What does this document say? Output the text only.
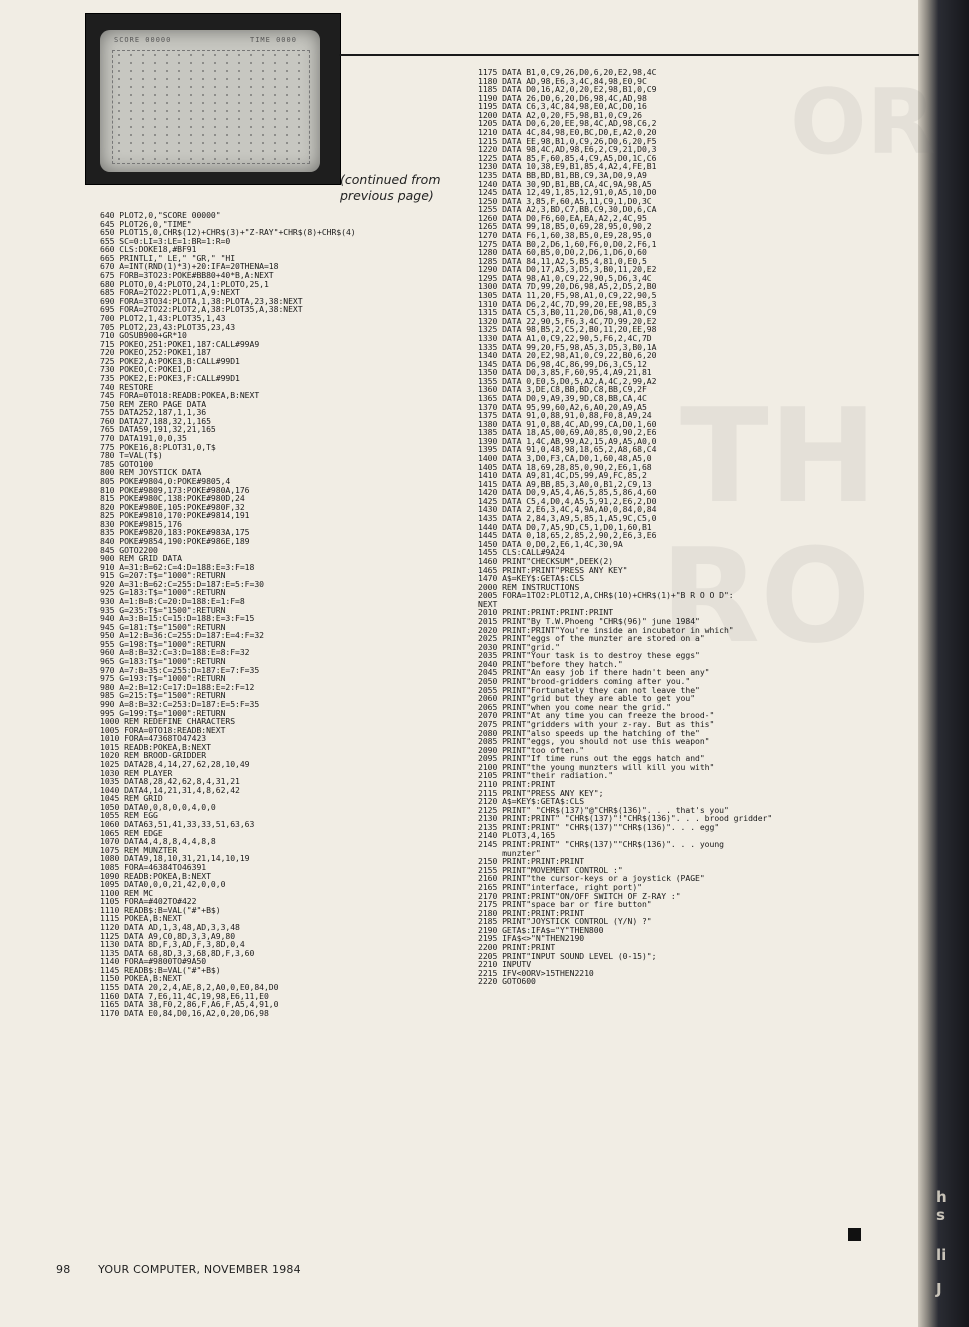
h
s
li
J
OR
TH
RO
SCORE 00000	TIME 0000
(continued from previous page)
640 PLOT2,0,"SCORE 00000"
645 PLOT26,0,"TIME"
650 PLOT15,0,CHR$(12)+CHR$(3)+"Z-RAY"+CHR$(8)+CHR$(4)
655 SC=0:LI=3:LE=1:BR=1:R=0
660 CLS:DOKE18,#BF91
665 PRINTLI," LE," "GR," "HI
670 A=INT(RND(1)*3)+20:IFA=20THENA=18
675 FORB=3TO23:POKE#BB80+40*B,A:NEXT
680 PLOTO,0,4:PLOTO,24,1:PLOTO,25,1
685 FORA=2TO22:PLOT1,A,9:NEXT
690 FORA=3TO34:PLOTA,1,38:PLOTA,23,38:NEXT
695 FORA=2TO22:PLOT2,A,38:PLOT35,A,38:NEXT
700 PLOT2,1,43:PLOT35,1,43
705 PLOT2,23,43:PLOT35,23,43
710 GOSUB900+GR*10
715 POKEO,251:POKE1,187:CALL#99A9
720 POKEO,252:POKE1,187
725 POKE2,A:POKE3,B:CALL#99D1
730 POKEO,C:POKE1,D
735 POKE2,E:POKE3,F:CALL#99D1
740 RESTORE
745 FORA=0TO18:READB:POKEA,B:NEXT
750 REM ZERO PAGE DATA
755 DATA252,187,1,1,36
760 DATA27,188,32,1,165
765 DATA59,191,32,21,165
770 DATA191,0,0,35
775 POKE16,8:PLOT31,0,T$
780 T=VAL(T$)
785 GOTO100
800 REM JOYSTICK DATA
805 POKE#9804,0:POKE#9805,4
810 POKE#9809,173:POKE#980A,176
815 POKE#980C,138:POKE#980D,24
820 POKE#980E,105:POKE#980F,32
825 POKE#9810,170:POKE#9814,191
830 POKE#9815,176
835 POKE#9820,183:POKE#983A,175
840 POKE#9854,190:POKE#986E,189
845 GOTO2200
900 REM GRID DATA
910 A=31:B=62:C=4:D=188:E=3:F=18
915 G=207:T$="1000":RETURN
920 A=31:B=62:C=255:D=187:E=5:F=30
925 G=183:T$="1000":RETURN
930 A=1:B=8:C=20:D=188:E=1:F=8
935 G=235:T$="1500":RETURN
940 A=3:B=15:C=15:D=188:E=3:F=15
945 G=181:T$="1500":RETURN
950 A=12:B=36:C=255:D=187:E=4:F=32
955 G=198:T$="1000":RETURN
960 A=8:B=32:C=3:D=188:E=8:F=32
965 G=183:T$="1000":RETURN
970 A=7:B=35:C=255:D=187:E=7:F=35
975 G=193:T$="1000":RETURN
980 A=2:B=12:C=17:D=188:E=2:F=12
985 G=215:T$="1500":RETURN
990 A=8:B=32:C=253:D=187:E=5:F=35
995 G=199:T$="1000":RETURN
1000 REM REDEFINE CHARACTERS
1005 FORA=0TO18:READB:NEXT
1010 FORA=47368TO47423
1015 READB:POKEA,B:NEXT
1020 REM BROOD-GRIDDER
1025 DATA28,4,14,27,62,28,10,49
1030 REM PLAYER
1035 DATA8,28,42,62,8,4,31,21
1040 DATA4,14,21,31,4,8,62,42
1045 REM GRID
1050 DATA0,0,8,0,0,4,0,0
1055 REM EGG
1060 DATA63,51,41,33,33,51,63,63
1065 REM EDGE
1070 DATA4,4,8,8,4,4,8,8
1075 REM MUNZTER
1080 DATA9,18,10,31,21,14,10,19
1085 FORA=46384TO46391
1090 READB:POKEA,B:NEXT
1095 DATA0,0,0,21,42,0,0,0
1100 REM MC
1105 FORA=#402TO#422
1110 READB$:B=VAL("#"+B$)
1115 POKEA,B:NEXT
1120 DATA AD,1,3,48,AD,3,3,48
1125 DATA A9,C0,8D,3,3,A9,80
1130 DATA 8D,F,3,AD,F,3,8D,0,4
1135 DATA 68,8D,3,3,68,8D,F,3,60
1140 FORA=#9800TO#9A50
1145 READB$:B=VAL("#"+B$)
1150 POKEA,B:NEXT
1155 DATA 20,2,4,AE,8,2,A0,0,E0,84,D0
1160 DATA 7,E6,11,4C,19,98,E6,11,E0
1165 DATA 38,F0,2,86,F,A6,F,A5,4,91,0
1170 DATA E0,84,D0,16,A2,0,20,D6,98
1175 DATA B1,0,C9,26,D0,6,20,E2,98,4C
1180 DATA AD,98,E6,3,4C,84,98,E0,9C
1185 DATA D0,16,A2,0,20,E2,98,B1,0,C9
1190 DATA 26,D0,6,20,D6,98,4C,AD,98
1195 DATA C6,3,4C,84,98,E0,AC,D0,16
1200 DATA A2,0,20,F5,98,B1,0,C9,26
1205 DATA D0,6,20,EE,98,4C,AD,98,C6,2
1210 DATA 4C,84,98,E0,BC,D0,E,A2,0,20
1215 DATA EE,98,B1,0,C9,26,D0,6,20,F5
1220 DATA 98,4C,AD,98,E6,2,C9,21,D0,3
1225 DATA 85,F,60,85,4,C9,A5,D0,1C,C6
1230 DATA 10,38,E9,B1,85,4,A2,4,FE,B1
1235 DATA BB,BD,B1,BB,C9,3A,D0,9,A9
1240 DATA 30,9D,B1,BB,CA,4C,9A,98,A5
1245 DATA 12,49,1,85,12,91,0,A5,10,D0
1250 DATA 3,85,F,60,A5,11,C9,1,D0,3C
1255 DATA A2,3,BD,C7,BB,C9,30,D0,6,CA
1260 DATA D0,F6,60,EA,EA,A2,2,4C,95
1265 DATA 99,18,B5,0,69,28,95,0,90,2
1270 DATA F6,1,60,38,B5,0,E9,28,95,0
1275 DATA B0,2,D6,1,60,F6,0,D0,2,F6,1
1280 DATA 60,B5,0,D0,2,D6,1,D6,0,60
1285 DATA 84,11,A2,5,B5,4,81,0,E0,5
1290 DATA D0,17,A5,3,D5,3,B0,11,20,E2
1295 DATA 98,A1,0,C9,22,90,5,D6,3,4C
1300 DATA 7D,99,20,D6,98,A5,2,D5,2,B0
1305 DATA 11,20,F5,98,A1,0,C9,22,90,5
1310 DATA D6,2,4C,7D,99,20,EE,98,B5,3
1315 DATA C5,3,B0,11,20,D6,98,A1,0,C9
1320 DATA 22,90,5,F6,3,4C,7D,99,20,E2
1325 DATA 98,B5,2,C5,2,B0,11,20,EE,98
1330 DATA A1,0,C9,22,90,5,F6,2,4C,7D
1335 DATA 99,20,F5,98,A5,3,D5,3,B0,1A
1340 DATA 20,E2,98,A1,0,C9,22,B0,6,20
1345 DATA D6,98,4C,86,99,D6,3,C5,12
1350 DATA D0,3,85,F,60,95,4,A9,21,81
1355 DATA 0,E0,5,D0,5,A2,A,4C,2,99,A2
1360 DATA 3,DE,C8,BB,BD,C8,BB,C9,2F
1365 DATA D0,9,A9,39,9D,C8,BB,CA,4C
1370 DATA 95,99,60,A2,6,A0,20,A9,A5
1375 DATA 91,0,88,91,0,88,F0,8,A9,24
1380 DATA 91,0,88,4C,AD,99,CA,D0,1,60
1385 DATA 18,A5,00,69,A0,85,0,90,2,E6
1390 DATA 1,4C,AB,99,A2,15,A9,A5,A0,0
1395 DATA 91,0,48,98,18,65,2,A8,68,C4
1400 DATA 3,D0,F3,CA,D0,1,60,48,A5,0
1405 DATA 18,69,28,85,0,90,2,E6,1,68
1410 DATA A9,81,4C,D5,99,A9,FC,85,2
1415 DATA A9,BB,85,3,A0,0,B1,2,C9,13
1420 DATA D0,9,A5,4,A6,5,85,5,86,4,60
1425 DATA C5,4,D0,4,A5,5,91,2,E6,2,D0
1430 DATA 2,E6,3,4C,4,9A,A0,0,84,0,84
1435 DATA 2,84,3,A9,5,85,1,A5,9C,C5,0
1440 DATA D0,7,A5,9D,C5,1,D0,1,60,B1
1445 DATA 0,18,65,2,85,2,90,2,E6,3,E6
1450 DATA 0,D0,2,E6,1,4C,30,9A
1455 CLS:CALL#9A24
1460 PRINT"CHECKSUM",DEEK(2)
1465 PRINT:PRINT"PRESS ANY KEY"
1470 A$=KEY$:GETA$:CLS
2000 REM INSTRUCTIONS
2005 FORA=1TO2:PLOT12,A,CHR$(10)+CHR$(1)+"B R O O D":
NEXT
2010 PRINT:PRINT:PRINT:PRINT
2015 PRINT"By T.W.Phoeng "CHR$(96)" june 1984"
2020 PRINT:PRINT"You're inside an incubator in which"
2025 PRINT"eggs of the munzter are stored on a"
2030 PRINT"grid."
2035 PRINT"Your task is to destroy these eggs"
2040 PRINT"before they hatch."
2045 PRINT"An easy job if there hadn't been any"
2050 PRINT"brood-gridders coming after you."
2055 PRINT"Fortunately they can not leave the"
2060 PRINT"grid but they are able to get you"
2065 PRINT"when you come near the grid."
2070 PRINT"At any time you can freeze the brood-"
2075 PRINT"gridders with your z-ray. But as this"
2080 PRINT"also speeds up the hatching of the"
2085 PRINT"eggs, you should not use this weapon"
2090 PRINT"too often."
2095 PRINT"If time runs out the eggs hatch and"
2100 PRINT"the young munzters will kill you with"
2105 PRINT"their radiation."
2110 PRINT:PRINT
2115 PRINT"PRESS ANY KEY";
2120 A$=KEY$:GETA$:CLS
2125 PRINT" "CHR$(137)"@"CHR$(136)". . . that's you"
2130 PRINT:PRINT" "CHR$(137)"!"CHR$(136)". . . brood gridder"
2135 PRINT:PRINT" "CHR$(137)""CHR$(136)". . . egg"
2140 PLOT3,4,165
2145 PRINT:PRINT" "CHR$(137)""CHR$(136)". . . young
munzter"
2150 PRINT:PRINT:PRINT
2155 PRINT"MOVEMENT CONTROL :"
2160 PRINT"the cursor-keys or a joystick (PAGE"
2165 PRINT"interface, right port)"
2170 PRINT:PRINT"ON/OFF SWITCH OF Z-RAY :"
2175 PRINT"space bar or fire button"
2180 PRINT:PRINT:PRINT
2185 PRINT"JOYSTICK CONTROL (Y/N) ?"
2190 GETA$:IFA$="Y"THEN800
2195 IFA$<>"N"THEN2190
2200 PRINT:PRINT
2205 PRINT"INPUT SOUND LEVEL (0-15)";
2210 INPUTV
2215 IFV<0ORV>15THEN2210
2220 GOTO600
98	YOUR COMPUTER, NOVEMBER 1984
